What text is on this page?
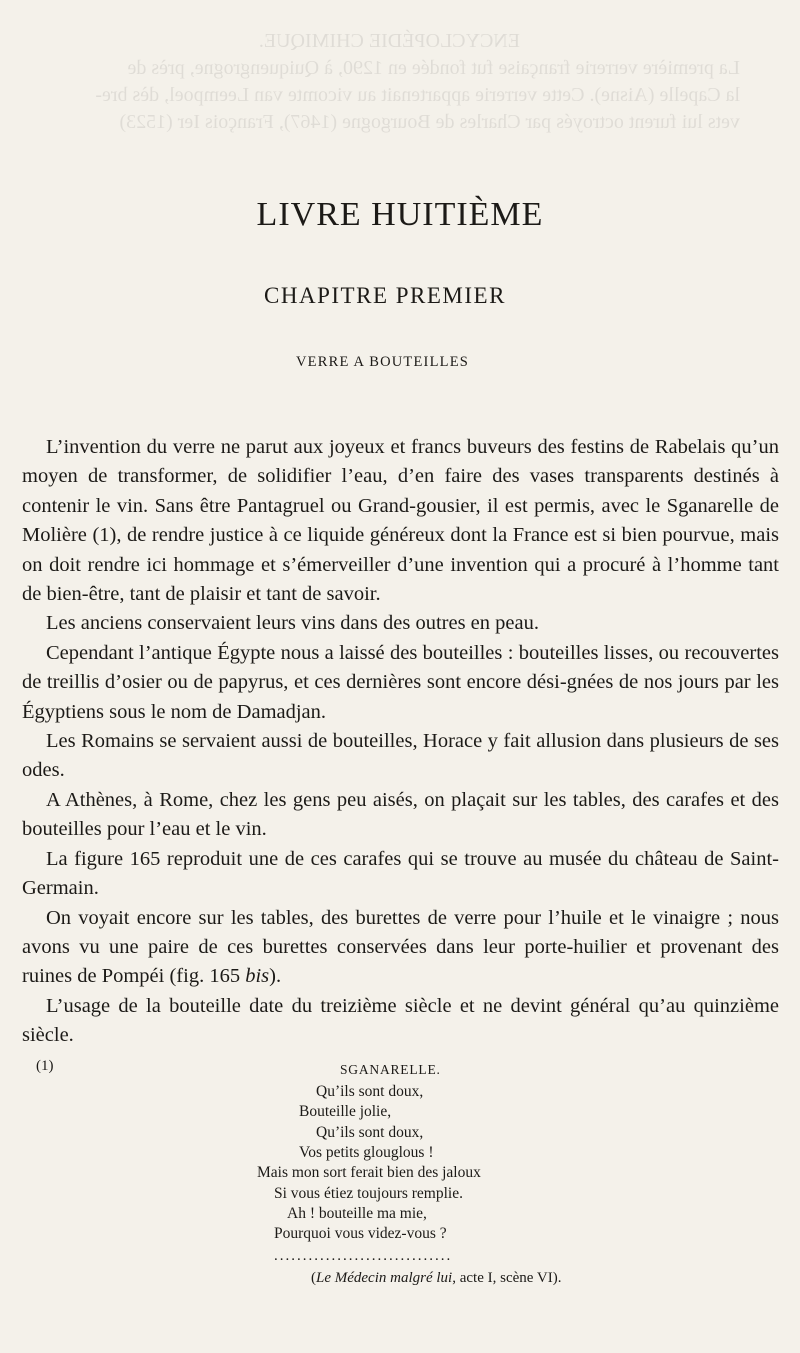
ENCYCLOPÉDIE CHIMIQUE.
La première verrerie française fut fondée en 1290, à Quiquengrogne, près de
la Capelle (Aisne). Cette verrerie appartenait au vicomte van Leempoel, dès bre-
vets lui furent octroyés par Charles de Bourgogne (1467), François Ier (1523)
LIVRE HUITIÈME
CHAPITRE PREMIER
VERRE A BOUTEILLES

L’invention du verre ne parut aux joyeux et francs buveurs des festins de Rabelais qu’un moyen de transformer, de solidifier l’eau, d’en faire des vases transparents destinés à contenir le vin. Sans être Pantagruel ou Grand-gousier, il est permis, avec le Sganarelle de Molière (1), de rendre justice à ce liquide généreux dont la France est si bien pourvue, mais on doit rendre ici hommage et s’émerveiller d’une invention qui a procuré à l’homme tant de bien-être, tant de plaisir et tant de savoir.

Les anciens conservaient leurs vins dans des outres en peau.

Cependant l’antique Égypte nous a laissé des bouteilles : bouteilles lisses, ou recouvertes de treillis d’osier ou de papyrus, et ces dernières sont encore dési-gnées de nos jours par les Égyptiens sous le nom de Damadjan.

Les Romains se servaient aussi de bouteilles, Horace y fait allusion dans plusieurs de ses odes.

A Athènes, à Rome, chez les gens peu aisés, on plaçait sur les tables, des carafes et des bouteilles pour l’eau et le vin.

La figure 165 reproduit une de ces carafes qui se trouve au musée du château de Saint-Germain.

On voyait encore sur les tables, des burettes de verre pour l’huile et le vinaigre ; nous avons vu une paire de ces burettes conservées dans leur porte-huilier et provenant des ruines de Pompéi (fig. 165 bis).

L’usage de la bouteille date du treizième siècle et ne devint général qu’au quinzième siècle.

(1)	SGANARELLE.
Qu’ils sont doux,
Bouteille jolie,
Qu’ils sont doux,
Vos petits glouglous !
Mais mon sort ferait bien des jaloux
Si vous étiez toujours remplie.
Ah ! bouteille ma mie,
Pourquoi vous videz-vous ?
...............................
(Le Médecin malgré lui, acte I, scène VI).
